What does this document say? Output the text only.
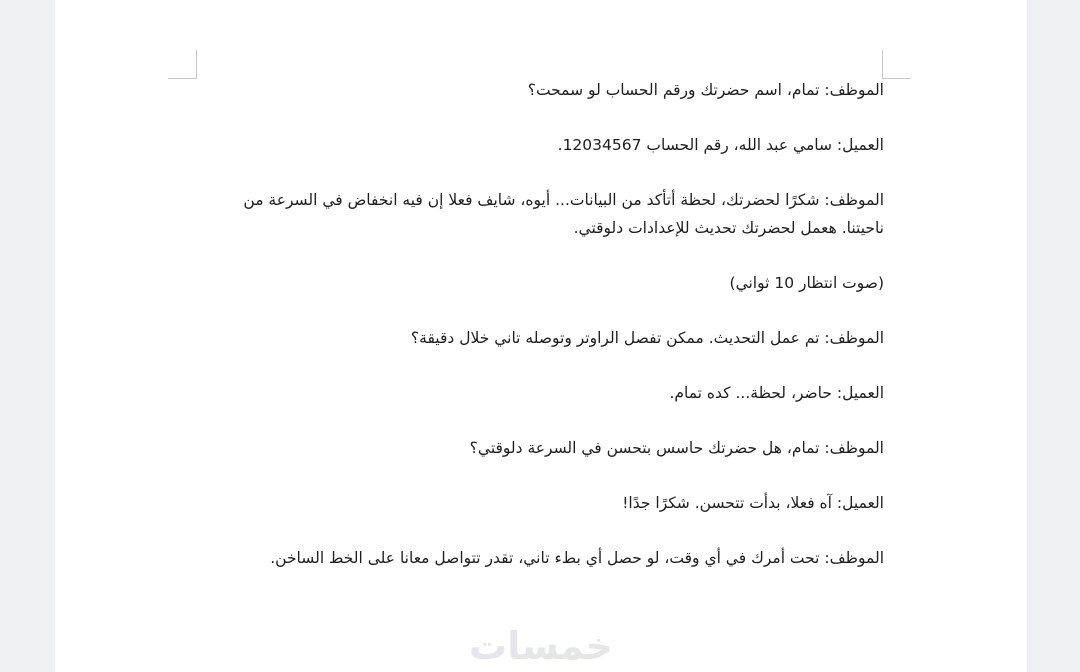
الموظف: تمام، اسم حضرتك ورقم الحساب لو سمحت؟

العميل: سامي عبد الله، رقم الحساب 12034567.

الموظف: شكرًا لحضرتك، لحظة أتأكد من البيانات... أيوه، شايف فعلا إن فيه انخفاض في السرعة من ناحيتنا. هعمل لحضرتك تحديث للإعدادات دلوقتي.

(صوت انتظار 10 ثواني)

الموظف: تم عمل التحديث. ممكن تفصل الراوتر وتوصله تاني خلال دقيقة؟

العميل: حاضر، لحظة... كده تمام.

الموظف: تمام، هل حضرتك حاسس بتحسن في السرعة دلوقتي؟

العميل: آه فعلا، بدأت تتحسن. شكرًا جدًا!

الموظف: تحت أمرك في أي وقت، لو حصل أي بطء تاني، تقدر تتواصل معانا على الخط الساخن.

خمسات
